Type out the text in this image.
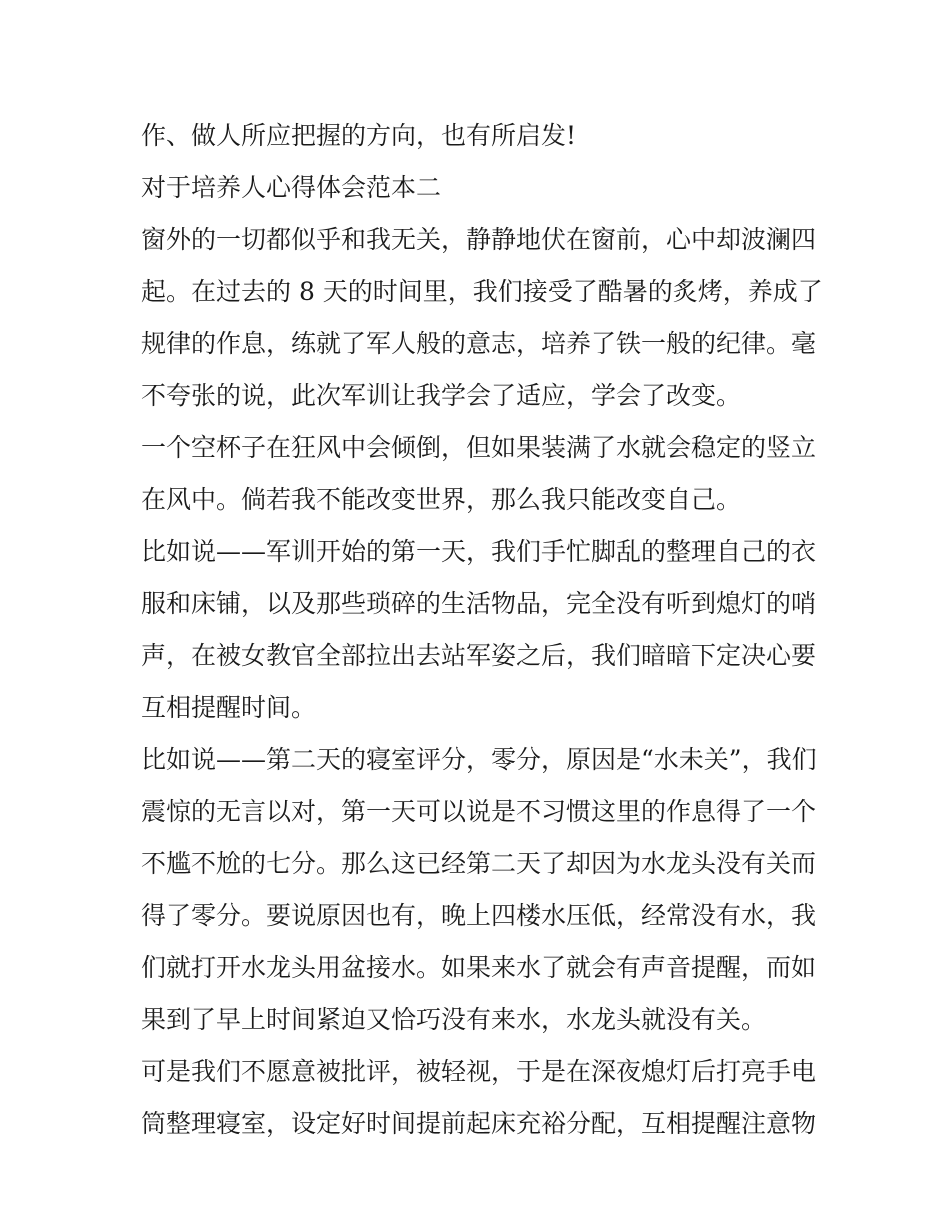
作、做人所应把握的方向，也有所启发!
对于培养人心得体会范本二
窗外的一切都似乎和我无关，静静地伏在窗前，心中却波澜四
起。在过去的 8 天的时间里，我们接受了酷暑的炙烤，养成了
规律的作息，练就了军人般的意志，培养了铁一般的纪律。毫
不夸张的说，此次军训让我学会了适应，学会了改变。
一个空杯子在狂风中会倾倒，但如果装满了水就会稳定的竖立
在风中。倘若我不能改变世界，那么我只能改变自己。
比如说——军训开始的第一天，我们手忙脚乱的整理自己的衣
服和床铺，以及那些琐碎的生活物品，完全没有听到熄灯的哨
声，在被女教官全部拉出去站军姿之后，我们暗暗下定决心要
互相提醒时间。
比如说——第二天的寝室评分，零分，原因是“水未关”，我们
震惊的无言以对，第一天可以说是不习惯这里的作息得了一个
不尴不尬的七分。那么这已经第二天了却因为水龙头没有关而
得了零分。要说原因也有，晚上四楼水压低，经常没有水，我
们就打开水龙头用盆接水。如果来水了就会有声音提醒，而如
果到了早上时间紧迫又恰巧没有来水，水龙头就没有关。
可是我们不愿意被批评，被轻视，于是在深夜熄灯后打亮手电
筒整理寝室，设定好时间提前起床充裕分配，互相提醒注意物
